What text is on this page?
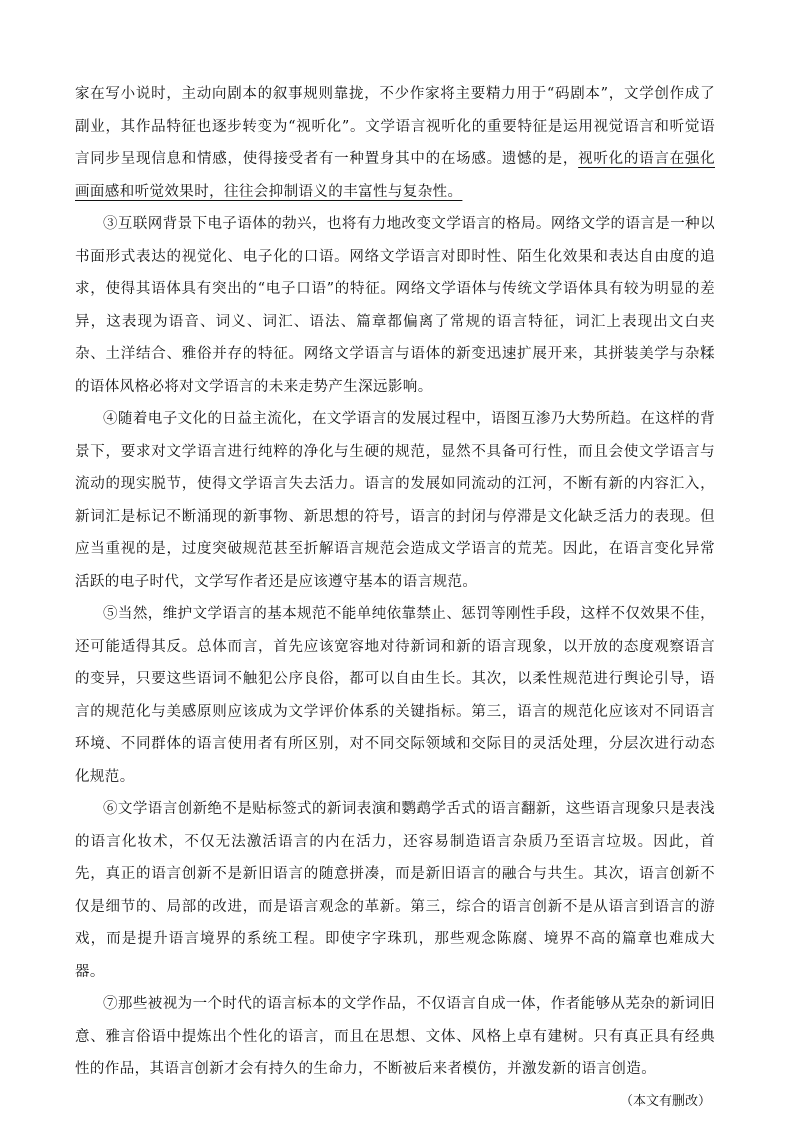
家在写小说时，主动向剧本的叙事规则靠拢，不少作家将主要精力用于“码剧本”，文学创作成了副业，其作品特征也逐步转变为“视听化”。文学语言视听化的重要特征是运用视觉语言和听觉语言同步呈现信息和情感，使得接受者有一种置身其中的在场感。遗憾的是，视听化的语言在强化画面感和听觉效果时，往往会抑制语义的丰富性与复杂性。

③互联网背景下电子语体的勃兴，也将有力地改变文学语言的格局。网络文学的语言是一种以书面形式表达的视觉化、电子化的口语。网络文学语言对即时性、陌生化效果和表达自由度的追求，使得其语体具有突出的“电子口语”的特征。网络文学语体与传统文学语体具有较为明显的差异，这表现为语音、词义、词汇、语法、篇章都偏离了常规的语言特征，词汇上表现出文白夹杂、土洋结合、雅俗并存的特征。网络文学语言与语体的新变迅速扩展开来，其拼装美学与杂糅的语体风格必将对文学语言的未来走势产生深远影响。

④随着电子文化的日益主流化，在文学语言的发展过程中，语图互渗乃大势所趋。在这样的背景下，要求对文学语言进行纯粹的净化与生硬的规范，显然不具备可行性，而且会使文学语言与流动的现实脱节，使得文学语言失去活力。语言的发展如同流动的江河，不断有新的内容汇入，新词汇是标记不断涌现的新事物、新思想的符号，语言的封闭与停滞是文化缺乏活力的表现。但应当重视的是，过度突破规范甚至折解语言规范会造成文学语言的荒芜。因此，在语言变化异常活跃的电子时代，文学写作者还是应该遵守基本的语言规范。

⑤当然，维护文学语言的基本规范不能单纯依靠禁止、惩罚等刚性手段，这样不仅效果不佳，还可能适得其反。总体而言，首先应该宽容地对待新词和新的语言现象，以开放的态度观察语言的变异，只要这些语词不触犯公序良俗，都可以自由生长。其次，以柔性规范进行舆论引导，语言的规范化与美感原则应该成为文学评价体系的关键指标。第三，语言的规范化应该对不同语言环境、不同群体的语言使用者有所区别，对不同交际领域和交际目的灵活处理，分层次进行动态化规范。

⑥文学语言创新绝不是贴标签式的新词表演和鹦鹉学舌式的语言翻新，这些语言现象只是表浅的语言化妆术，不仅无法激活语言的内在活力，还容易制造语言杂质乃至语言垃圾。因此，首先，真正的语言创新不是新旧语言的随意拼凑，而是新旧语言的融合与共生。其次，语言创新不仅是细节的、局部的改进，而是语言观念的革新。第三，综合的语言创新不是从语言到语言的游戏，而是提升语言境界的系统工程。即使字字珠玑，那些观念陈腐、境界不高的篇章也难成大器。

⑦那些被视为一个时代的语言标本的文学作品，不仅语言自成一体，作者能够从芜杂的新词旧意、雅言俗语中提炼出个性化的语言，而且在思想、文体、风格上卓有建树。只有真正具有经典性的作品，其语言创新才会有持久的生命力，不断被后来者模仿，并激发新的语言创造。

（本文有删改）
